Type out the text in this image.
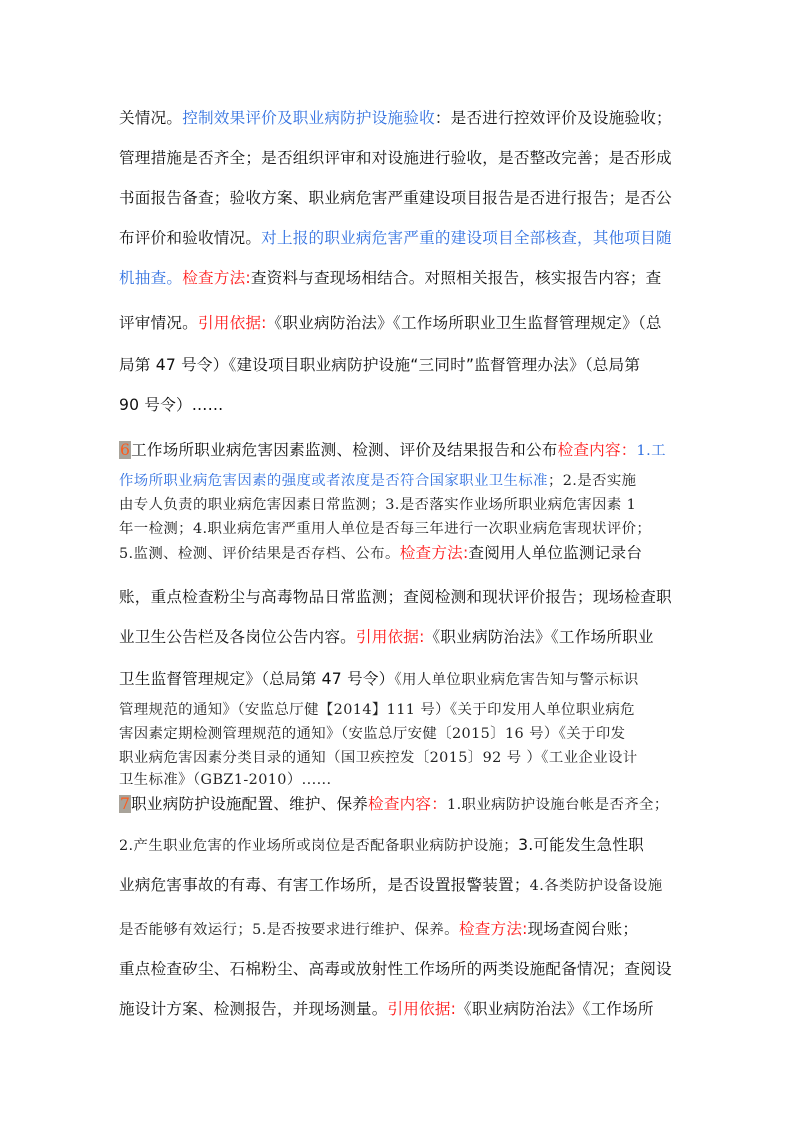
关情况。控制效果评价及职业病防护设施验收：是否进行控效评价及设施验收；
管理措施是否齐全；是否组织评审和对设施进行验收，是否整改完善；是否形成
书面报告备查；验收方案、职业病危害严重建设项目报告是否进行报告；是否公
布评价和验收情况。对上报的职业病危害严重的建设项目全部核查，其他项目随
机抽查。检查方法:查资料与查现场相结合。对照相关报告，核实报告内容；查
评审情况。引用依据:《职业病防治法》《工作场所职业卫生监督管理规定》（总
局第 47 号令）《建设项目职业病防护设施“三同时”监督管理办法》（总局第
90 号令）……
6工作场所职业病危害因素监测、检测、评价及结果报告和公布检查内容：1.工
作场所职业病危害因素的强度或者浓度是否符合国家职业卫生标准；2.是否实施
由专人负责的职业病危害因素日常监测；3.是否落实作业场所职业病危害因素 1
年一检测；4.职业病危害严重用人单位是否每三年进行一次职业病危害现状评价；
5.监测、检测、评价结果是否存档、公布。检查方法:查阅用人单位监测记录台
账，重点检查粉尘与高毒物品日常监测；查阅检测和现状评价报告；现场检查职
业卫生公告栏及各岗位公告内容。引用依据:《职业病防治法》《工作场所职业
卫生监督管理规定》（总局第 47 号令）《用人单位职业病危害告知与警示标识
管理规范的通知》（安监总厅健【2014】111 号）《关于印发用人单位职业病危
害因素定期检测管理规范的通知》（安监总厅安健〔2015〕16 号）《关于印发
职业病危害因素分类目录的通知（国卫疾控发〔2015〕92 号 ）《工业企业设计
卫生标准》（GBZ1-2010）......
7职业病防护设施配置、维护、保养检查内容：1.职业病防护设施台帐是否齐全；
2.产生职业危害的作业场所或岗位是否配备职业病防护设施；3.可能发生急性职
业病危害事故的有毒、有害工作场所，是否设置报警装置；4.各类防护设备设施
是否能够有效运行；5.是否按要求进行维护、保养。检查方法:现场查阅台账；
重点检查矽尘、石棉粉尘、高毒或放射性工作场所的两类设施配备情况；查阅设
施设计方案、检测报告，并现场测量。引用依据:《职业病防治法》《工作场所
